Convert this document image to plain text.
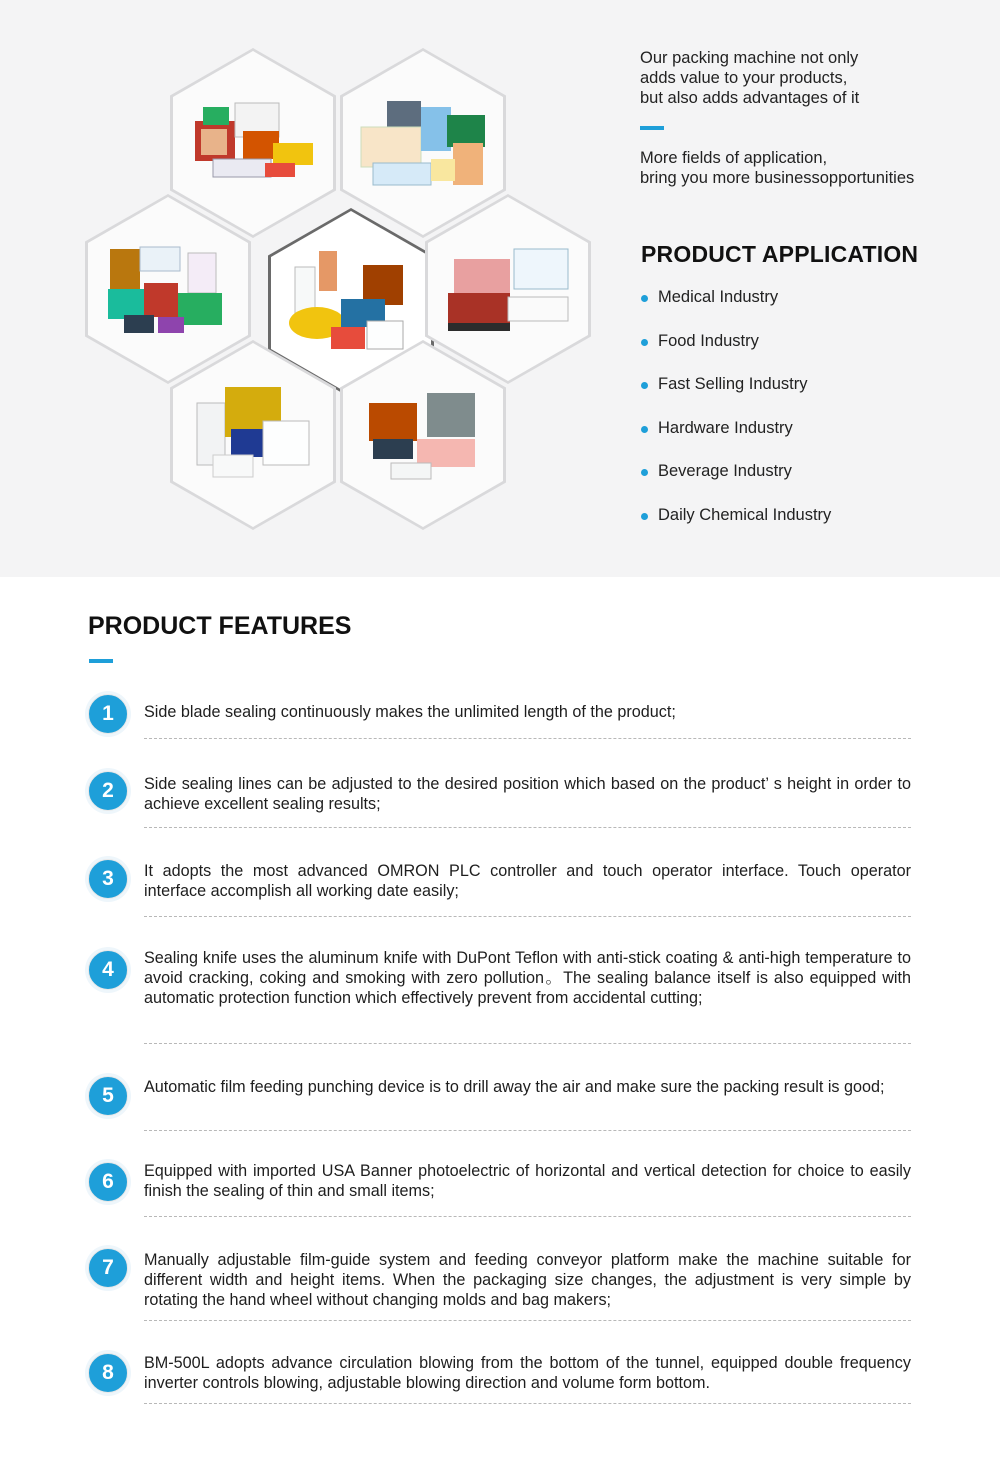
Our packing machine not only
adds value to your products,
but also adds advantages of it

More fields of application,
bring you more businessopportunities

PRODUCT APPLICATION
Medical Industry
Food Industry
Fast Selling Industry
Hardware Industry
Beverage Industry
Daily Chemical Industry
PRODUCT FEATURES
1	Side blade sealing continuously makes the unlimited length of the product;
2	Side sealing lines can be adjusted to the desired position which based on the product’ s height in order to achieve excellent sealing results;
3	It adopts the most advanced OMRON PLC controller and touch operator interface. Touch operator interface accomplish all working date easily;
4	Sealing knife uses the aluminum knife with DuPont Teflon with anti-stick coating & anti-high temperature to avoid cracking, coking and smoking with zero pollution。The sealing balance itself is also equipped with automatic protection function which effectively prevent from accidental cutting;
5	Automatic film feeding punching device is to drill away the air and make sure the packing result is good;
6	Equipped with imported USA Banner photoelectric of horizontal and vertical detection for choice to easily finish the sealing of thin and small items;
7	Manually adjustable film-guide system and feeding conveyor platform make the machine suitable for different width and height items. When the packaging size changes, the adjustment is very simple by rotating the hand wheel without changing molds and bag makers;
8	BM-500L adopts advance circulation blowing from the bottom of the tunnel, equipped double frequency inverter controls blowing, adjustable blowing direction and volume form bottom.
